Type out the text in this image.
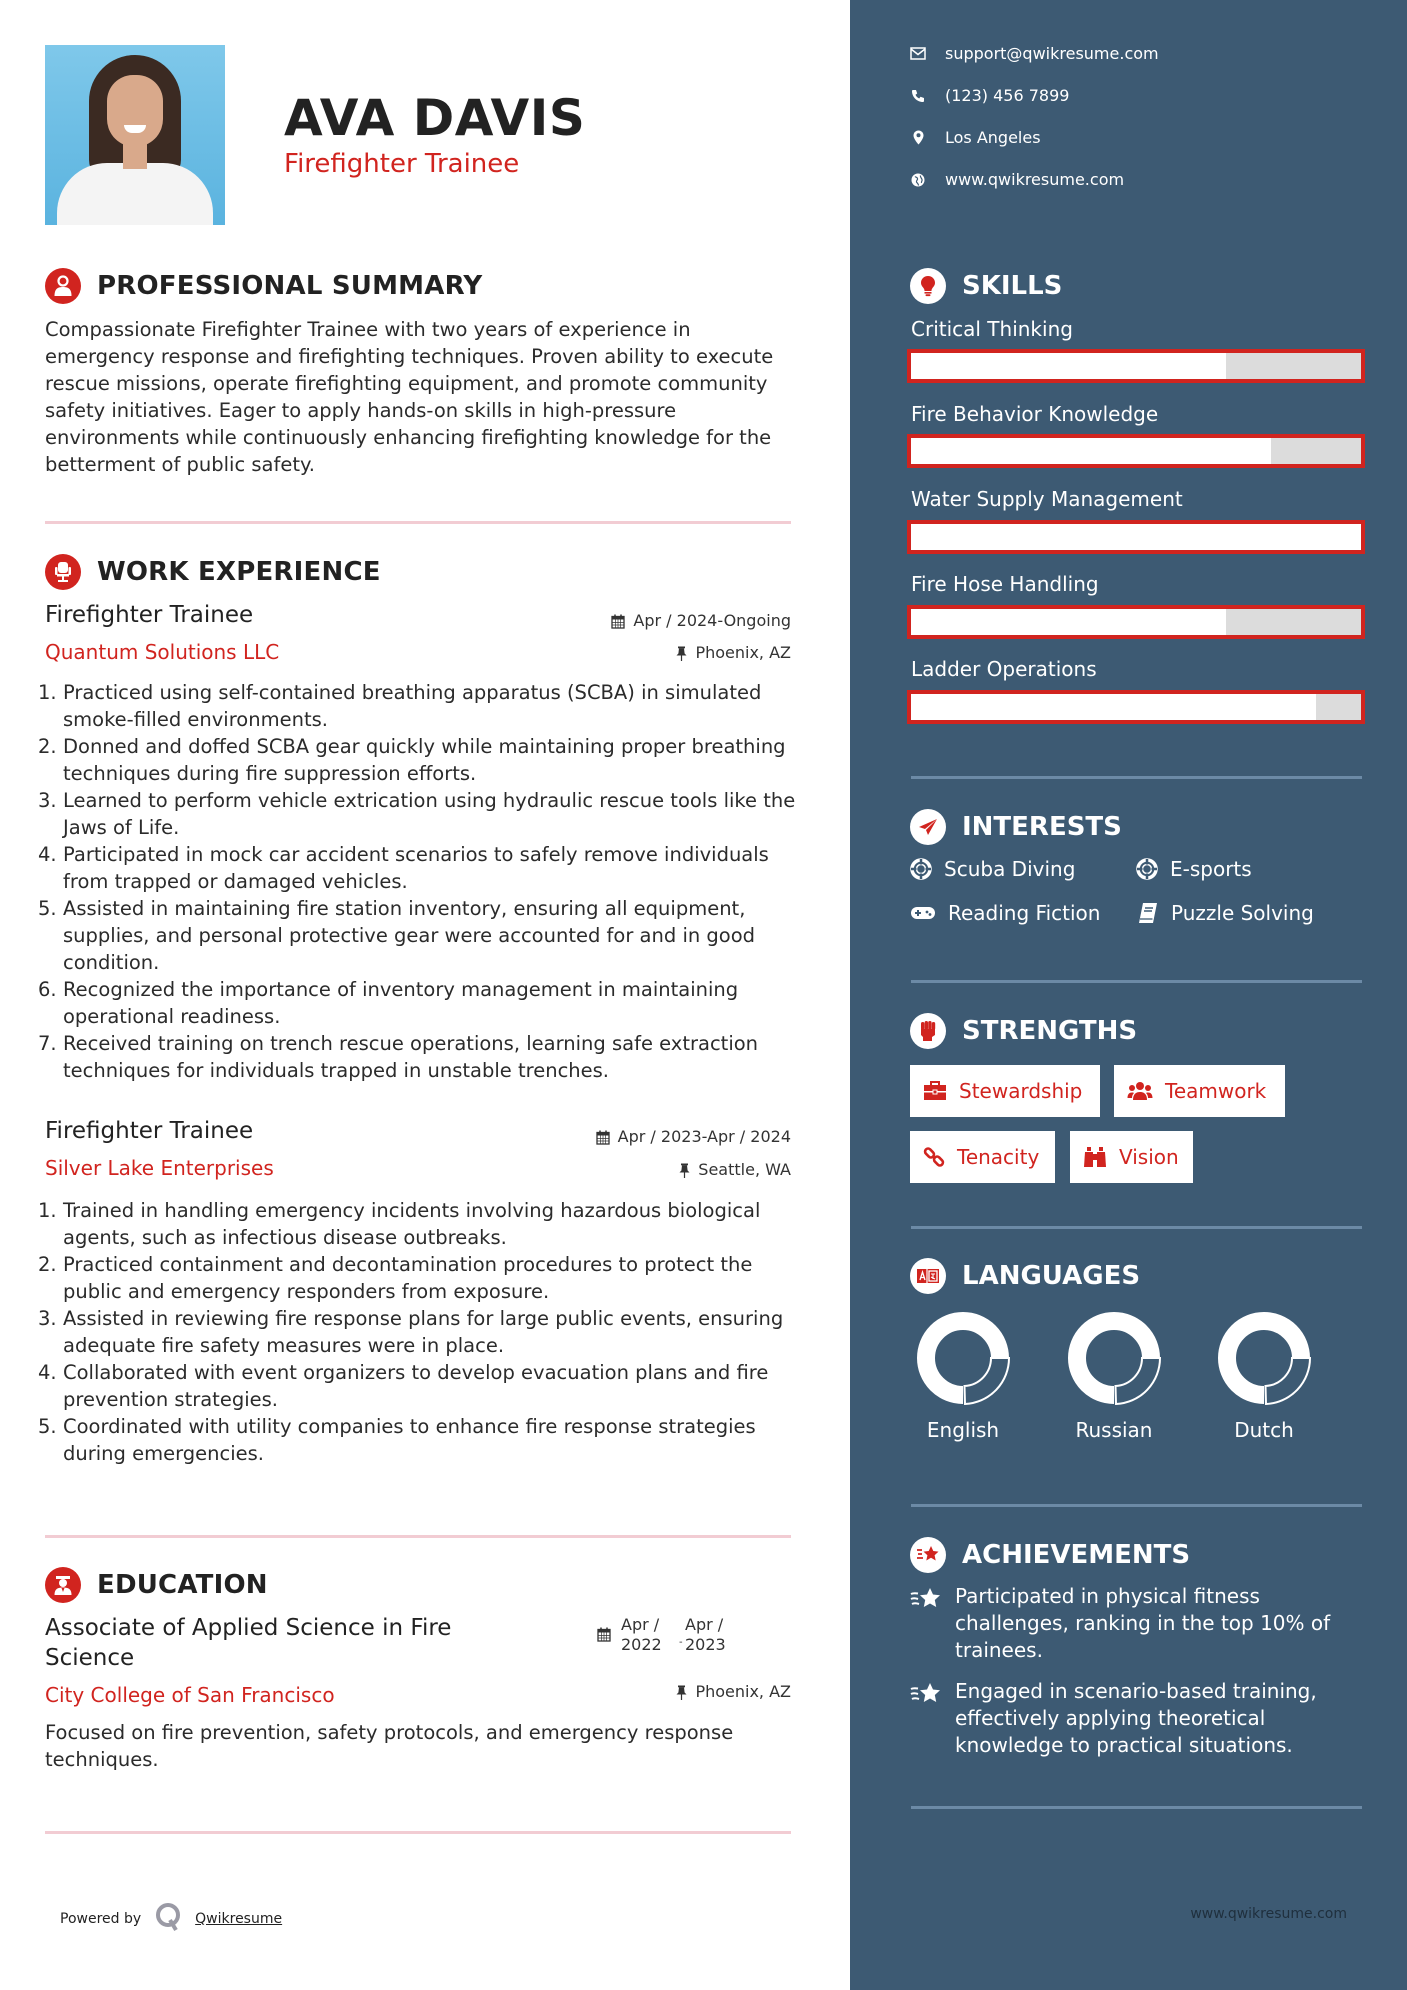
AVA DAVIS
Firefighter Trainee
PROFESSIONAL SUMMARY
Compassionate Firefighter Trainee with two years of experience in emergency response and firefighting techniques. Proven ability to execute rescue missions, operate firefighting equipment, and promote community safety initiatives. Eager to apply hands-on skills in high-pressure environments while continuously enhancing firefighting knowledge for the betterment of public safety.
WORK EXPERIENCE
Firefighter Trainee	Apr / 2024-Ongoing
Quantum Solutions LLC	Phoenix, AZ
1. Practiced using self-contained breathing apparatus (SCBA) in simulated smoke-filled environments.
2. Donned and doffed SCBA gear quickly while maintaining proper breathing techniques during fire suppression efforts.
3. Learned to perform vehicle extrication using hydraulic rescue tools like the Jaws of Life.
4. Participated in mock car accident scenarios to safely remove individuals from trapped or damaged vehicles.
5. Assisted in maintaining fire station inventory, ensuring all equipment, supplies, and personal protective gear were accounted for and in good condition.
6. Recognized the importance of inventory management in maintaining operational readiness.
7. Received training on trench rescue operations, learning safe extraction techniques for individuals trapped in unstable trenches.
Firefighter Trainee	Apr / 2023-Apr / 2024
Silver Lake Enterprises	Seattle, WA
1. Trained in handling emergency incidents involving hazardous biological agents, such as infectious disease outbreaks.
2. Practiced containment and decontamination procedures to protect the public and emergency responders from exposure.
3. Assisted in reviewing fire response plans for large public events, ensuring adequate fire safety measures were in place.
4. Collaborated with event organizers to develop evacuation plans and fire prevention strategies.
5. Coordinated with utility companies to enhance fire response strategies during emergencies.
EDUCATION
Associate of Applied Science in Fire
Science
Apr /
2022	-
Apr /
2023
City College of San Francisco	Phoenix, AZ
Focused on fire prevention, safety protocols, and emergency response techniques.
Powered by	Qwikresume
support@qwikresume.com
(123) 456 7899
Los Angeles
www.qwikresume.com
SKILLS
Critical Thinking
Fire Behavior Knowledge
Water Supply Management
Fire Hose Handling
Ladder Operations
INTERESTS
Scuba Diving	E-sports
Reading Fiction	Puzzle Solving
STRENGTHS
Stewardship	Teamwork
Tenacity	Vision
LANGUAGES
English	Russian	Dutch
ACHIEVEMENTS
Participated in physical fitness challenges, ranking in the top 10% of trainees.
Engaged in scenario-based training, effectively applying theoretical knowledge to practical situations.
www.qwikresume.com
